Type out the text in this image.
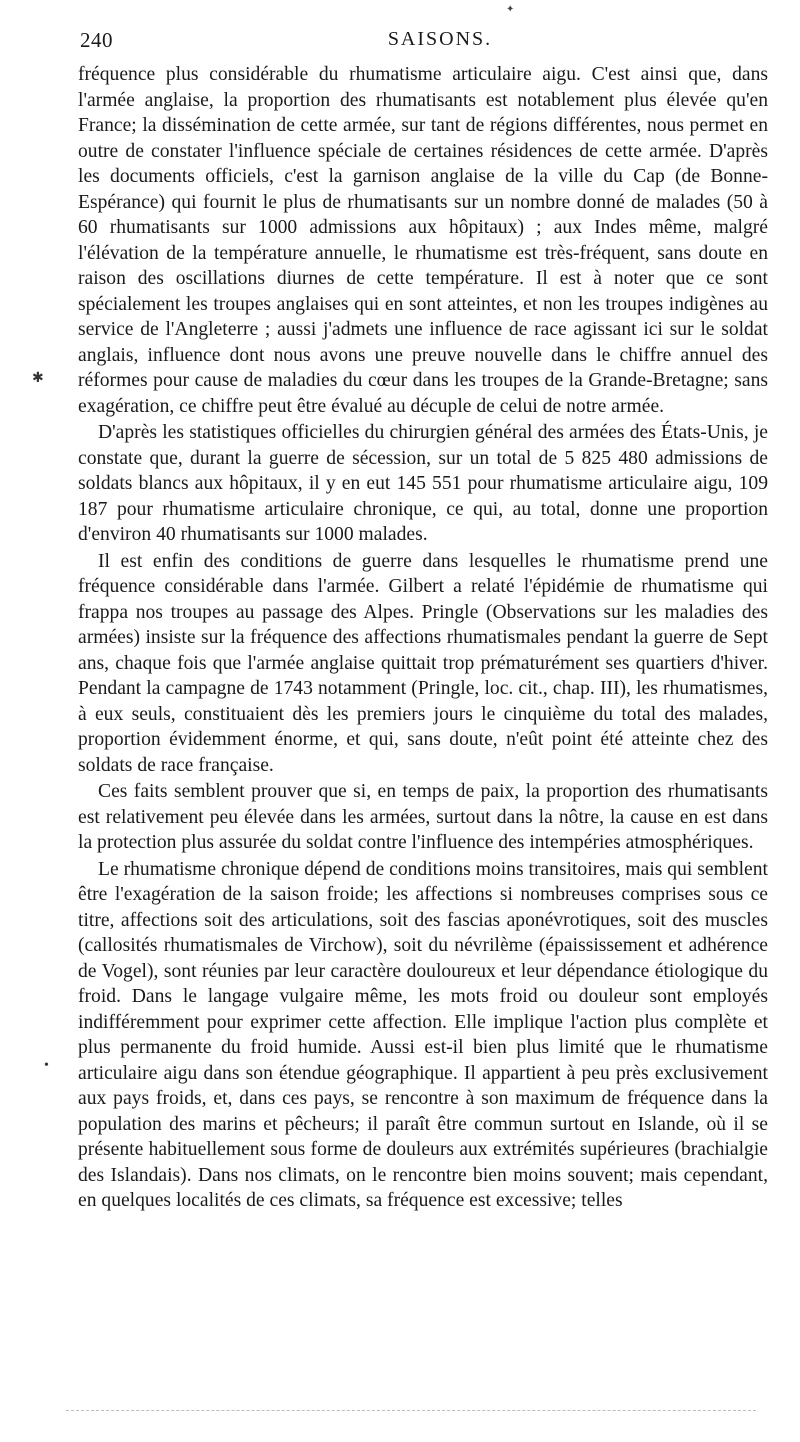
✦
240	SAISONS.
✱
•

fréquence plus considérable du rhumatisme articulaire aigu. C'est ainsi que, dans l'armée anglaise, la proportion des rhumatisants est notablement plus élevée qu'en France; la dissémination de cette armée, sur tant de régions différentes, nous permet en outre de constater l'influence spéciale de certaines résidences de cette armée. D'après les documents officiels, c'est la garnison anglaise de la ville du Cap (de Bonne-Espérance) qui fournit le plus de rhumatisants sur un nombre donné de malades (50 à 60 rhumatisants sur 1000 admissions aux hôpitaux) ; aux Indes même, malgré l'élévation de la température annuelle, le rhumatisme est très-fréquent, sans doute en raison des oscillations diurnes de cette température. Il est à noter que ce sont spécialement les troupes anglaises qui en sont atteintes, et non les troupes indigènes au service de l'Angleterre ; aussi j'admets une influence de race agissant ici sur le soldat anglais, influence dont nous avons une preuve nouvelle dans le chiffre annuel des réformes pour cause de maladies du cœur dans les troupes de la Grande-Bretagne; sans exagération, ce chiffre peut être évalué au décuple de celui de notre armée.

D'après les statistiques officielles du chirurgien général des armées des États-Unis, je constate que, durant la guerre de sécession, sur un total de 5 825 480 admissions de soldats blancs aux hôpitaux, il y en eut 145 551 pour rhumatisme articulaire aigu, 109 187 pour rhumatisme articulaire chronique, ce qui, au total, donne une proportion d'environ 40 rhumatisants sur 1000 malades.

Il est enfin des conditions de guerre dans lesquelles le rhumatisme prend une fréquence considérable dans l'armée. Gilbert a relaté l'épidémie de rhumatisme qui frappa nos troupes au passage des Alpes. Pringle (Observations sur les maladies des armées) insiste sur la fréquence des affections rhumatismales pendant la guerre de Sept ans, chaque fois que l'armée anglaise quittait trop prématurément ses quartiers d'hiver. Pendant la campagne de 1743 notamment (Pringle, loc. cit., chap. III), les rhumatismes, à eux seuls, constituaient dès les premiers jours le cinquième du total des malades, proportion évidemment énorme, et qui, sans doute, n'eût point été atteinte chez des soldats de race française.

Ces faits semblent prouver que si, en temps de paix, la proportion des rhumatisants est relativement peu élevée dans les armées, surtout dans la nôtre, la cause en est dans la protection plus assurée du soldat contre l'influence des intempéries atmosphériques.

Le rhumatisme chronique dépend de conditions moins transitoires, mais qui semblent être l'exagération de la saison froide; les affections si nombreuses comprises sous ce titre, affections soit des articulations, soit des fascias aponévrotiques, soit des muscles (callosités rhumatismales de Virchow), soit du névrilème (épaississement et adhérence de Vogel), sont réunies par leur caractère douloureux et leur dépendance étiologique du froid. Dans le langage vulgaire même, les mots froid ou douleur sont employés indifféremment pour exprimer cette affection. Elle implique l'action plus complète et plus permanente du froid humide. Aussi est-il bien plus limité que le rhumatisme articulaire aigu dans son étendue géographique. Il appartient à peu près exclusivement aux pays froids, et, dans ces pays, se rencontre à son maximum de fréquence dans la population des marins et pêcheurs; il paraît être commun surtout en Islande, où il se présente habituellement sous forme de douleurs aux extrémités supérieures (brachialgie des Islandais). Dans nos climats, on le rencontre bien moins souvent; mais cependant, en quelques localités de ces climats, sa fréquence est excessive; telles
